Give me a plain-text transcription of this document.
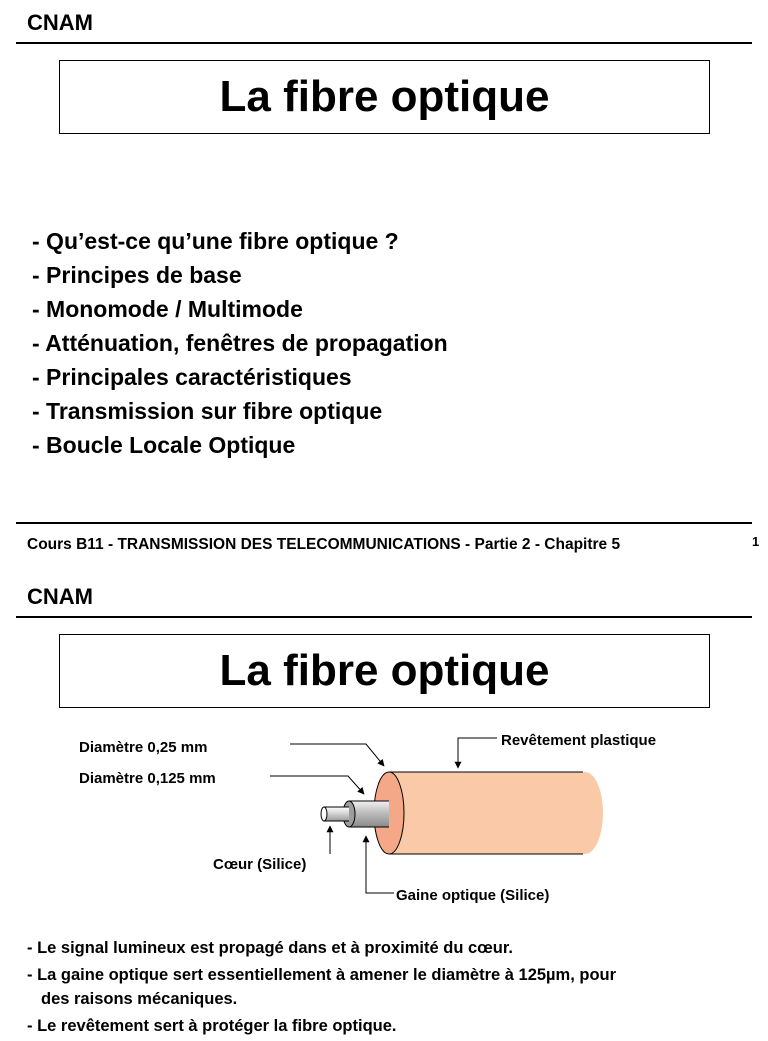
CNAM
La fibre optique
- Qu’est-ce qu’une fibre optique ?
- Principes de base
- Monomode / Multimode
- Atténuation, fenêtres de propagation
- Principales caractéristiques
- Transmission sur fibre optique
- Boucle Locale Optique
Cours B11 - TRANSMISSION DES TELECOMMUNICATIONS - Partie 2 - Chapitre 5	1
CNAM
La fibre optique
Diamètre 0,25 mm
Diamètre 0,125 mm
Revêtement plastique
Cœur (Silice)
Gaine optique (Silice)
- Le signal lumineux est propagé dans et à proximité du cœur.
- La gaine optique sert essentiellement à amener le diamètre à 125µm, pour
des raisons mécaniques.
- Le revêtement sert à protéger la fibre optique.
